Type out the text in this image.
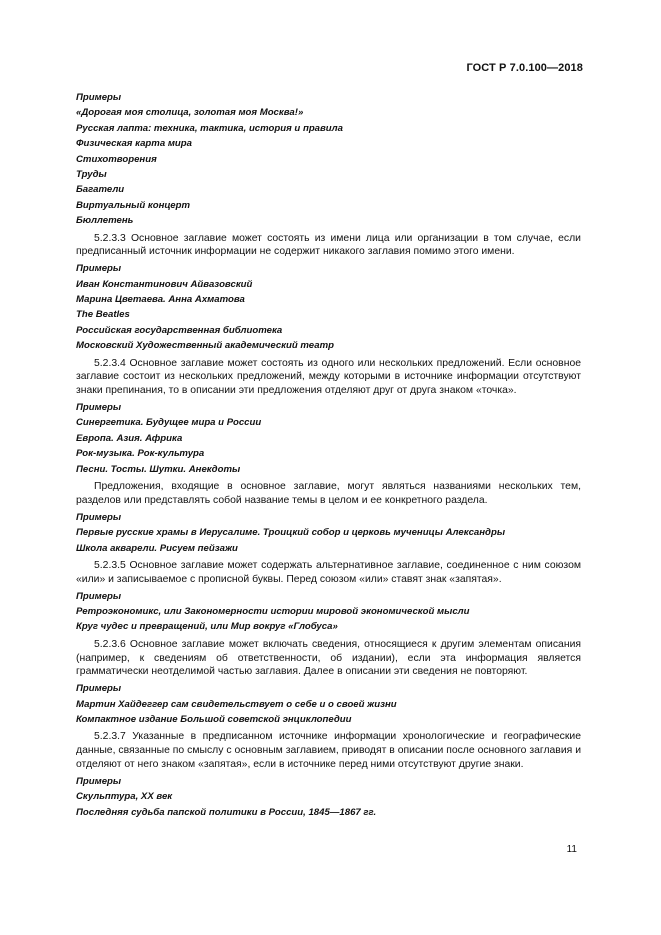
ГОСТ Р 7.0.100—2018
Примеры
«Дорогая моя столица, золотая моя Москва!»
Русская лапта: техника, тактика, история и правила
Физическая карта мира
Стихотворения
Труды
Багатели
Виртуальный концерт
Бюллетень
5.2.3.3 Основное заглавие может состоять из имени лица или организации в том случае, если предписанный источник информации не содержит никакого заглавия помимо этого имени.
Примеры
Иван Константинович Айвазовский
Марина Цветаева. Анна Ахматова
The Beatles
Российская государственная библиотека
Московский Художественный академический театр
5.2.3.4 Основное заглавие может состоять из одного или нескольких предложений. Если основное заглавие состоит из нескольких предложений, между которыми в источнике информации отсутствуют знаки препинания, то в описании эти предложения отделяют друг от друга знаком «точка».
Примеры
Синергетика. Будущее мира и России
Европа. Азия. Африка
Рок-музыка. Рок-культура
Песни. Тосты. Шутки. Анекдоты
Предложения, входящие в основное заглавие, могут являться названиями нескольких тем, разделов или представлять собой название темы в целом и ее конкретного раздела.
Примеры
Первые русские храмы в Иерусалиме. Троицкий собор и церковь мученицы Александры
Школа акварели. Рисуем пейзажи
5.2.3.5 Основное заглавие может содержать альтернативное заглавие, соединенное с ним союзом «или» и записываемое с прописной буквы. Перед союзом «или» ставят знак «запятая».
Примеры
Ретроэкономикс, или Закономерности истории мировой экономической мысли
Круг чудес и превращений, или Мир вокруг «Глобуса»
5.2.3.6 Основное заглавие может включать сведения, относящиеся к другим элементам описания (например, к сведениям об ответственности, об издании), если эта информация является грамматически неотделимой частью заглавия. Далее в описании эти сведения не повторяют.
Примеры
Мартин Хайдеггер сам свидетельствует о себе и о своей жизни
Компактное издание Большой советской энциклопедии
5.2.3.7 Указанные в предписанном источнике информации хронологические и географические данные, связанные по смыслу с основным заглавием, приводят в описании после основного заглавия и отделяют от него знаком «запятая», если в источнике перед ними отсутствуют другие знаки.
Примеры
Скульптура, XX век
Последняя судьба папской политики в России, 1845—1867 гг.
11
